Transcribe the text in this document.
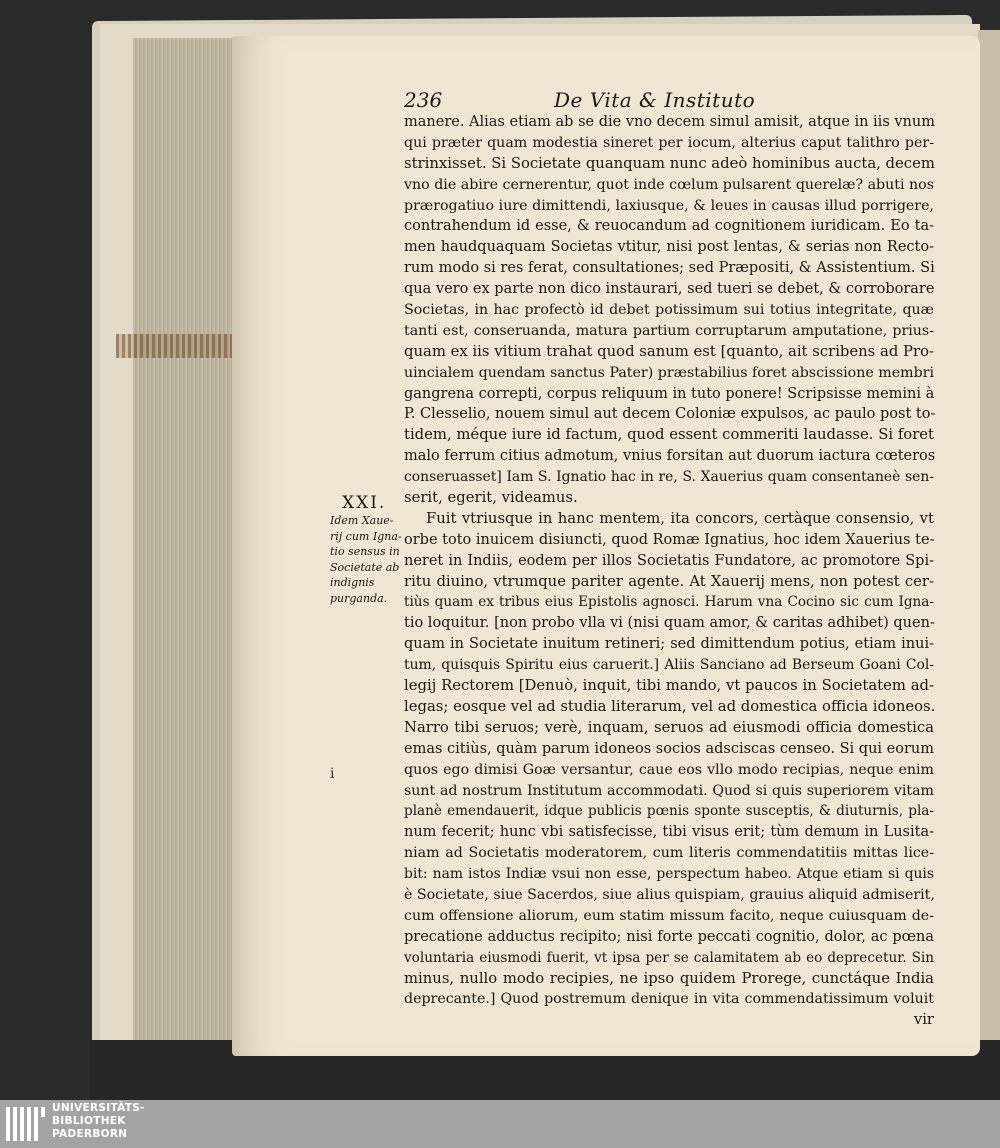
236	De Vita & Instituto
manere. Alias etiam ab se die vno decem simul amisit, atque in iis vnum
qui præter quam modestia sineret per iocum, alterius caput talithro per-
strinxisset. Si Societate quanquam nunc adeò hominibus aucta, decem
vno die abire cernerentur, quot inde cœlum pulsarent querelæ? abuti nos
prærogatiuo iure dimittendi, laxiusque, & leues in causas illud porrigere,
contrahendum id esse, & reuocandum ad cognitionem iuridicam. Eo ta-
men haudquaquam Societas vtitur, nisi post lentas, & serias non Recto-
rum modo si res ferat, consultationes; sed Præpositi, & Assistentium. Si
qua vero ex parte non dico instaurari, sed tueri se debet, & corroborare
Societas, in hac profectò id debet potissimum sui totius integritate, quæ
tanti est, conseruanda, matura partium corruptarum amputatione, prius-
quam ex iis vitium trahat quod sanum est [quanto, ait scribens ad Pro-
uincialem quendam sanctus Pater) præstabilius foret abscissione membri
gangrena correpti, corpus reliquum in tuto ponere! Scripsisse memini à
P. Clesselio, nouem simul aut decem Coloniæ expulsos, ac paulo post to-
tidem, méque iure id factum, quod essent commeriti laudasse. Si foret
malo ferrum citius admotum, vnius forsitan aut duorum iactura cœteros
conseruasset] Iam S. Ignatio hac in re, S. Xauerius quam consentaneè sen-
serit, egerit, videamus.
Fuit vtriusque in hanc mentem, ita concors, certàque consensio, vt
orbe toto inuicem disiuncti, quod Romæ Ignatius, hoc idem Xauerius te-
neret in Indiis, eodem per illos Societatis Fundatore, ac promotore Spi-
ritu diuino, vtrumque pariter agente. At Xauerij mens, non potest cer-
tiùs quam ex tribus eius Epistolis agnosci. Harum vna Cocino sic cum Igna-
tio loquitur. [non probo vlla vi (nisi quam amor, & caritas adhibet) quen-
quam in Societate inuitum retineri; sed dimittendum potius, etiam inui-
tum, quisquis Spiritu eius caruerit.] Aliis Sanciano ad Berseum Goani Col-
legij Rectorem [Denuò, inquit, tibi mando, vt paucos in Societatem ad-
legas; eosque vel ad studia literarum, vel ad domestica officia idoneos.
Narro tibi seruos; verè, inquam, seruos ad eiusmodi officia domestica
emas citiùs, quàm parum idoneos socios adsciscas censeo. Si qui eorum
quos ego dimisi Goæ versantur, caue eos vllo modo recipias, neque enim
sunt ad nostrum Institutum accommodati. Quod si quis superiorem vitam
planè emendauerit, idque publicis pœnis sponte susceptis, & diuturnis, pla-
num fecerit; hunc vbi satisfecisse, tibi visus erit; tùm demum in Lusita-
niam ad Societatis moderatorem, cum literis commendatitiis mittas lice-
bit: nam istos Indiæ vsui non esse, perspectum habeo. Atque etiam si quis
è Societate, siue Sacerdos, siue alius quispiam, grauius aliquid admiserit,
cum offensione aliorum, eum statim missum facito, neque cuiusquam de-
precatione adductus recipito; nisi forte peccati cognitio, dolor, ac pœna
voluntaria eiusmodi fuerit, vt ipsa per se calamitatem ab eo deprecetur. Sin
minus, nullo modo recipies, ne ipso quidem Prorege, cunctáque India
deprecante.] Quod postremum denique in vita commendatissimum voluit
vir
XXI.
Idem Xaue-
rij cum Igna-
tio sensus in
Societate ab
indignis
purganda.
i
UNIVERSITÄTS-
BIBLIOTHEK
PADERBORN
